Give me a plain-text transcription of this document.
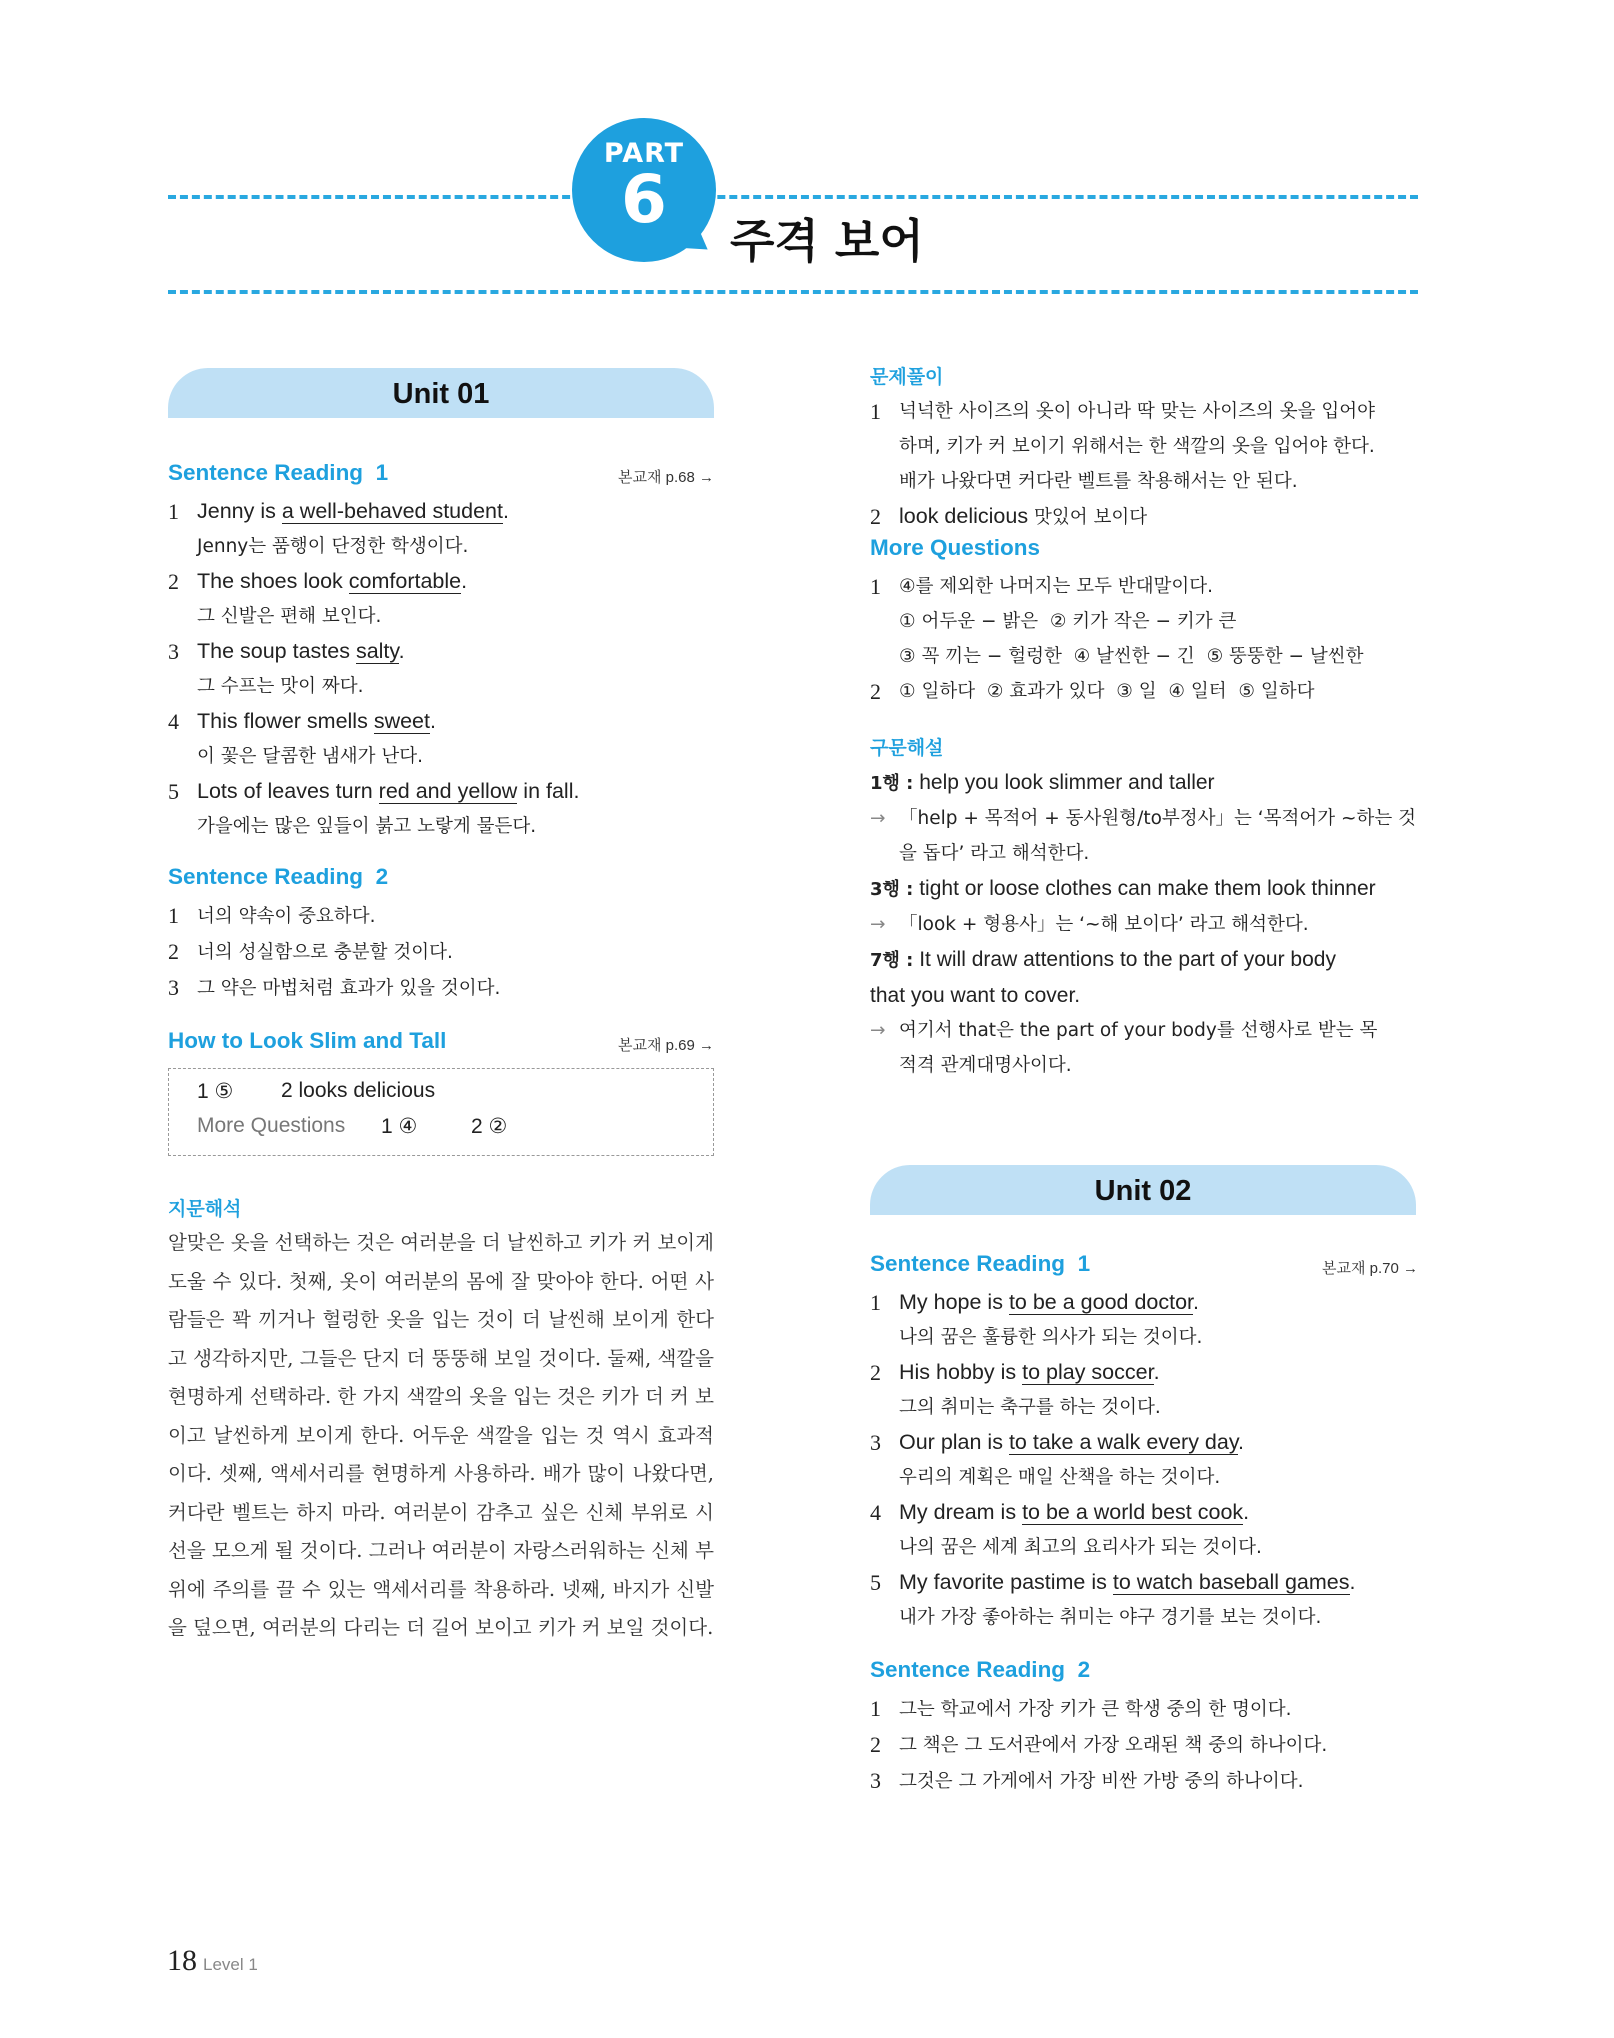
PART
6
주격 보어
Unit 01
Sentence Reading 1	본교재 p.68 →
1 Jenny is a well-behaved student.
Jenny는 품행이 단정한 학생이다.
2 The shoes look comfortable.
그 신발은 편해 보인다.
3 The soup tastes salty.
그 수프는 맛이 짜다.
4 This flower smells sweet.
이 꽃은 달콤한 냄새가 난다.
5 Lots of leaves turn red and yellow in fall.
가을에는 많은 잎들이 붉고 노랗게 물든다.
Sentence Reading 2
1 너의 약속이 중요하다.
2 너의 성실함으로 충분할 것이다.
3 그 약은 마법처럼 효과가 있을 것이다.
How to Look Slim and Tall	본교재 p.69 →
1 ⑤ 2 looks delicious
More Questions 1 ④	2 ②
지문해석
알맞은 옷을 선택하는 것은 여러분을 더 날씬하고 키가 커 보이게 도울 수 있다. 첫째, 옷이 여러분의 몸에 잘 맞아야 한다. 어떤 사람들은 꽉 끼거나 헐렁한 옷을 입는 것이 더 날씬해 보이게 한다고 생각하지만, 그들은 단지 더 뚱뚱해 보일 것이다. 둘째, 색깔을 현명하게 선택하라. 한 가지 색깔의 옷을 입는 것은 키가 더 커 보이고 날씬하게 보이게 한다. 어두운 색깔을 입는 것 역시 효과적이다. 셋째, 액세서리를 현명하게 사용하라. 배가 많이 나왔다면, 커다란 벨트는 하지 마라. 여러분이 감추고 싶은 신체 부위로 시선을 모으게 될 것이다. 그러나 여러분이 자랑스러워하는 신체 부위에 주의를 끌 수 있는 액세서리를 착용하라. 넷째, 바지가 신발을 덮으면, 여러분의 다리는 더 길어 보이고 키가 커 보일 것이다.
문제풀이
1 넉넉한 사이즈의 옷이 아니라 딱 맞는 사이즈의 옷을 입어야
하며, 키가 커 보이기 위해서는 한 색깔의 옷을 입어야 한다.
배가 나왔다면 커다란 벨트를 착용해서는 안 된다.
2 look delicious 맛있어 보이다
More Questions
1 ④를 제외한 나머지는 모두 반대말이다.
① 어두운 − 밝은  ② 키가 작은 − 키가 큰
③ 꼭 끼는 − 헐렁한  ④ 날씬한 − 긴  ⑤ 뚱뚱한 − 날씬한
2 ① 일하다  ② 효과가 있다  ③ 일  ④ 일터  ⑤ 일하다
구문해설
1행 : help you look slimmer and taller
→ 「help + 목적어 + 동사원형/to부정사」는 ‘목적어가 ~하는 것
을 돕다’ 라고 해석한다.
3행 : tight or loose clothes can make them look thinner
→ 「look + 형용사」는 ‘~해 보이다’ 라고 해석한다.
7행 : It will draw attentions to the part of your body
that you want to cover.
→ 여기서 that은 the part of your body를 선행사로 받는 목
적격 관계대명사이다.
Unit 02
Sentence Reading 1	본교재 p.70 →
1 My hope is to be a good doctor.
나의 꿈은 훌륭한 의사가 되는 것이다.
2 His hobby is to play soccer.
그의 취미는 축구를 하는 것이다.
3 Our plan is to take a walk every day.
우리의 계획은 매일 산책을 하는 것이다.
4 My dream is to be a world best cook.
나의 꿈은 세계 최고의 요리사가 되는 것이다.
5 My favorite pastime is to watch baseball games.
내가 가장 좋아하는 취미는 야구 경기를 보는 것이다.
Sentence Reading 2
1 그는 학교에서 가장 키가 큰 학생 중의 한 명이다.
2 그 책은 그 도서관에서 가장 오래된 책 중의 하나이다.
3 그것은 그 가게에서 가장 비싼 가방 중의 하나이다.
18 Level 1
